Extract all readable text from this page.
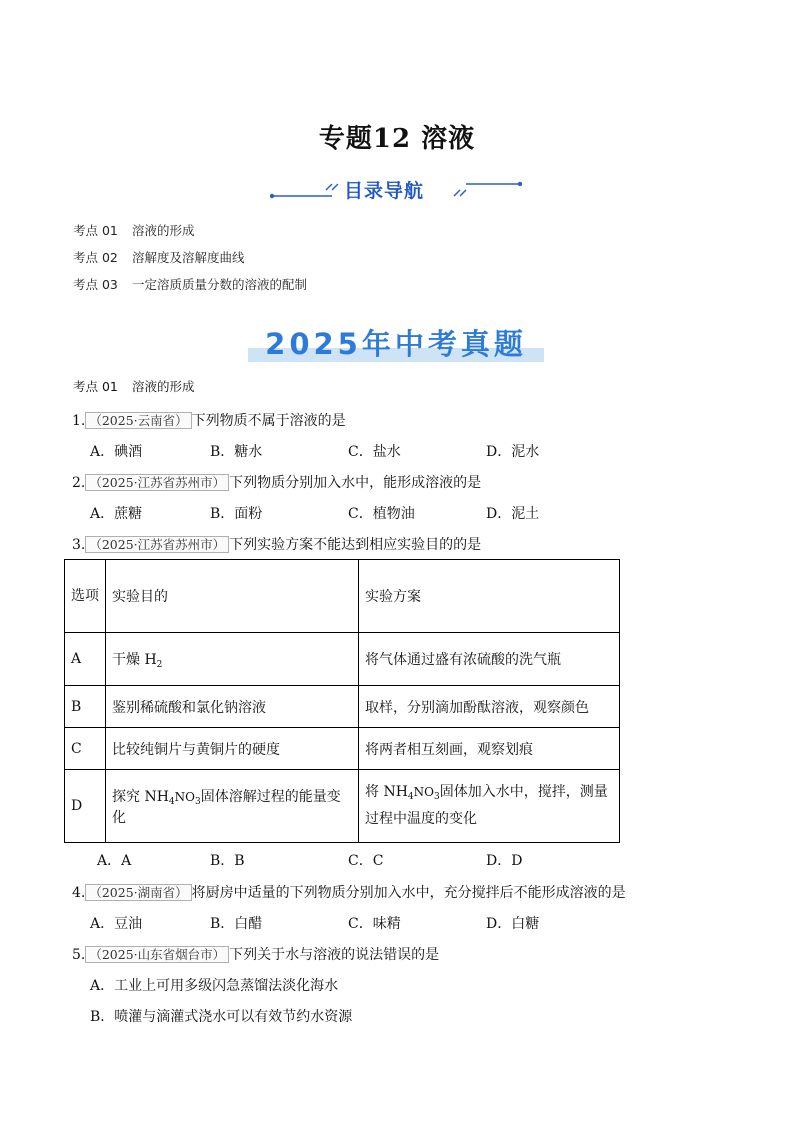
专题12 溶液
目录导航
考点 01 溶液的形成
考点 02 溶解度及溶解度曲线
考点 03 一定溶质质量分数的溶液的配制
2025年中考真题
考点 01 溶液的形成
1. （2025·云南省） 下列物质不属于溶液的是
A．碘酒	B．糖水	C．盐水	D．泥水
2. （2025·江苏省苏州市） 下列物质分别加入水中，能形成溶液的是
A．蔗糖	B．面粉	C．植物油	D．泥土
3. （2025·江苏省苏州市） 下列实验方案不能达到相应实验目的的是
选项	实验目的	实验方案
A	干燥 $H_2$	将气体通过盛有浓硫酸的洗气瓶
B	鉴别稀硫酸和氯化钠溶液	取样，分别滴加酚酞溶液，观察颜色
C	比较纯铜片与黄铜片的硬度	将两者相互刻画，观察划痕
D	探究 $NH_4NO_3$固体溶解过程的能量变化	将 $NH_4NO_3$固体加入水中，搅拌，测量过程中温度的变化
A．A	B．B	C．C	D．D
4. （2025·湖南省） 将厨房中适量的下列物质分别加入水中，充分搅拌后不能形成溶液的是
A．豆油	B．白醋	C．味精	D．白糖
5. （2025·山东省烟台市） 下列关于水与溶液的说法错误的是
A．工业上可用多级闪急蒸馏法淡化海水
B．喷灌与滴灌式浇水可以有效节约水资源
